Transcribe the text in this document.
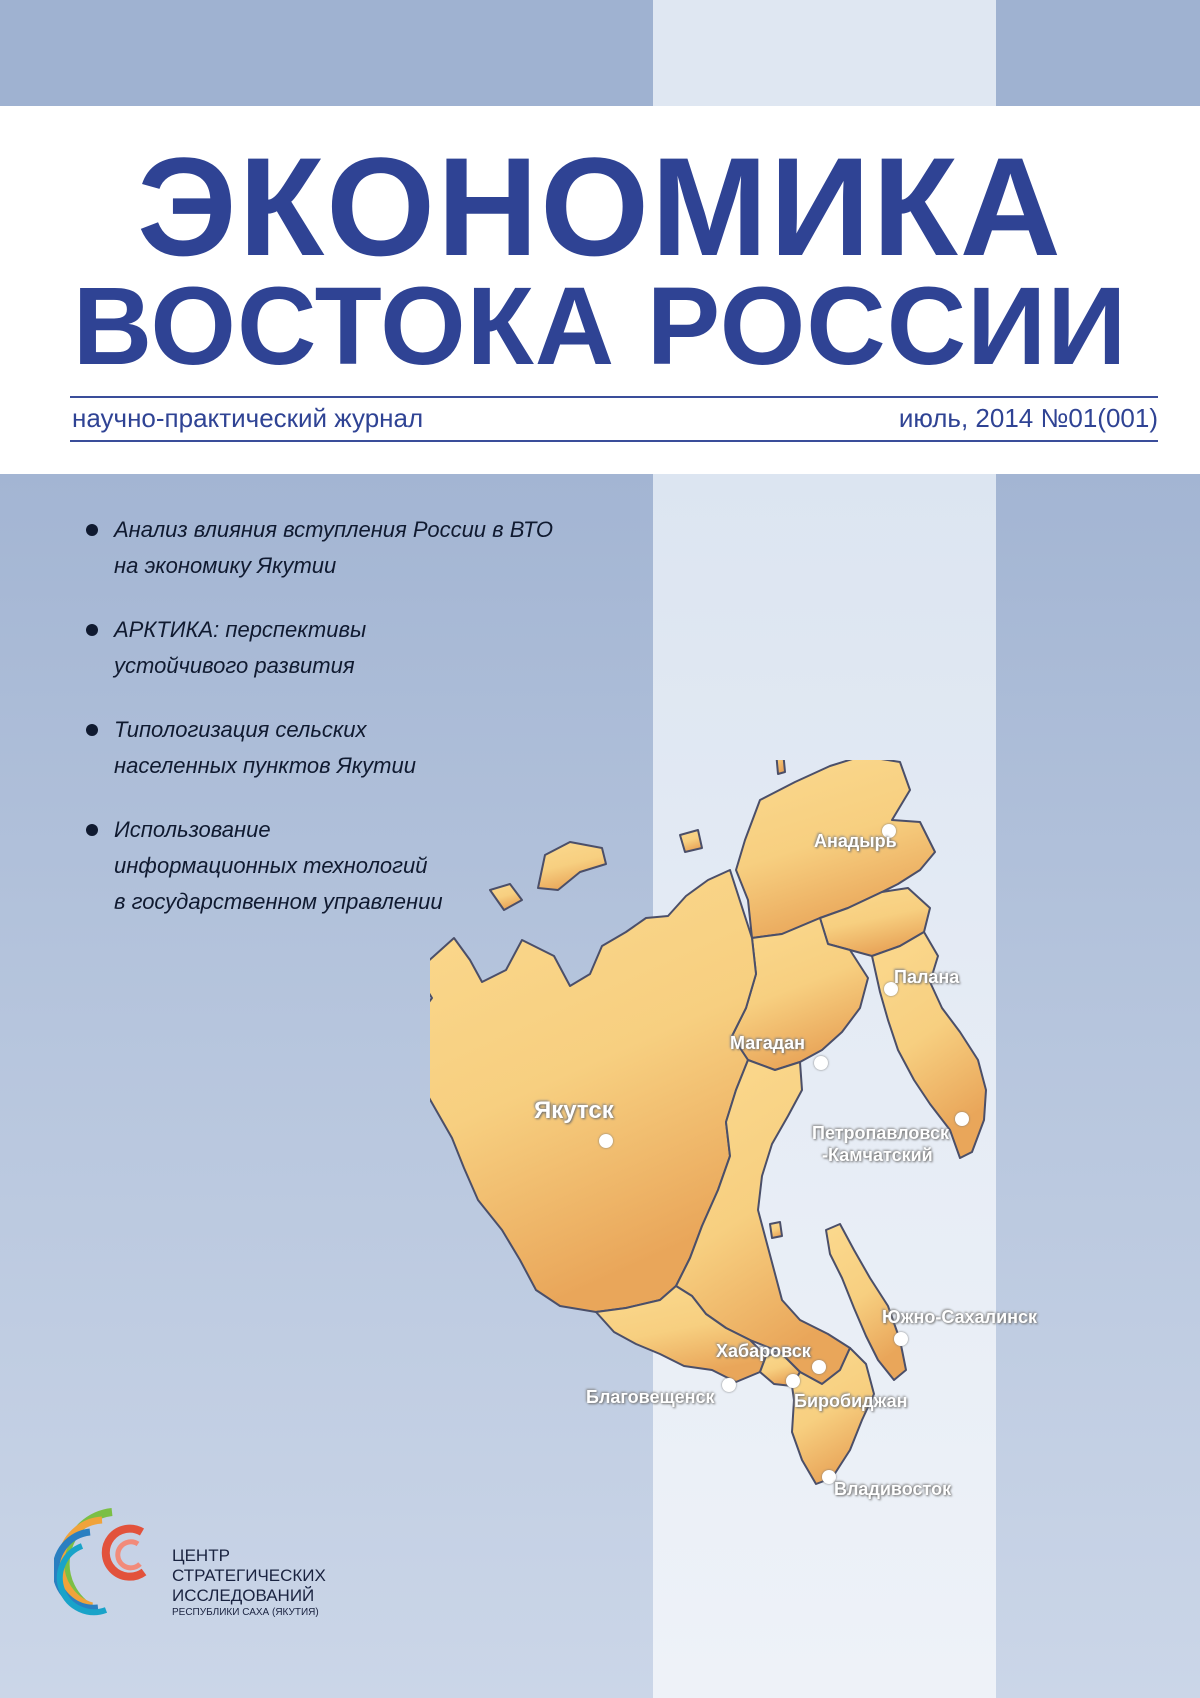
ЭКОНОМИКА
ВОСТОКА РОССИИ
научно-практический журнал	июль, 2014 №01(001)
Анализ влияния вступления России в ВТО
на экономику Якутии
АРКТИКА: перспективы
устойчивого развития
Типологизация сельских
населенных пунктов Якутии
Использование
информационных технологий
в государственном управлении
Анадырь
Палана
Магадан
Якутск
Петропавловск
-Камчатский
Южно-Сахалинск
Хабаровск
Благовещенск	Биробиджан
Владивосток
ЦЕНТР
СТРАТЕГИЧЕСКИХ
ИССЛЕДОВАНИЙ
РЕСПУБЛИКИ САХА (ЯКУТИЯ)
